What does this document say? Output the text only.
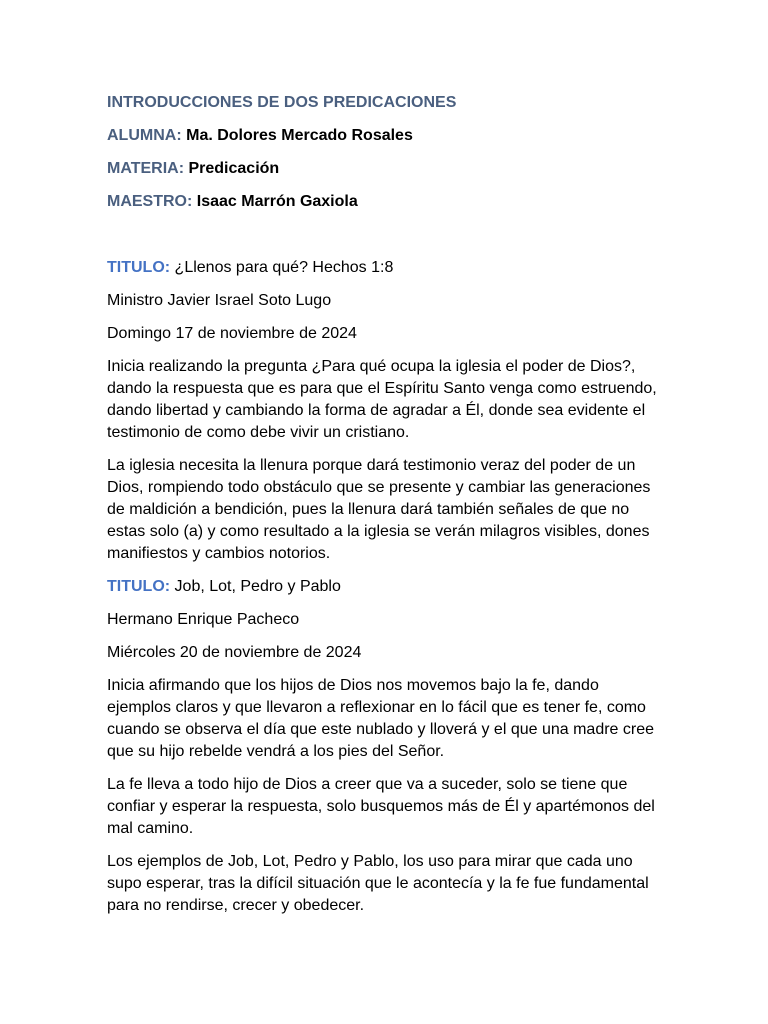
INTRODUCCIONES DE DOS PREDICACIONES
ALUMNA: Ma. Dolores Mercado Rosales
MATERIA: Predicación
MAESTRO: Isaac Marrón Gaxiola
TITULO: ¿Llenos para qué? Hechos 1:8
Ministro Javier Israel Soto Lugo
Domingo 17 de noviembre de 2024

Inicia realizando la pregunta ¿Para qué ocupa la iglesia el poder de Dios?, dando la respuesta que es para que el Espíritu Santo venga como estruendo, dando libertad y cambiando la forma de agradar a Él, donde sea evidente el testimonio de como debe vivir un cristiano.

La iglesia necesita la llenura porque dará testimonio veraz del poder de un Dios, rompiendo todo obstáculo que se presente y cambiar las generaciones de maldición a bendición, pues la llenura dará también señales de que no estas solo (a) y como resultado a la iglesia se verán milagros visibles, dones manifiestos y cambios notorios.

TITULO: Job, Lot, Pedro y Pablo
Hermano Enrique Pacheco
Miércoles 20 de noviembre de 2024

Inicia afirmando que los hijos de Dios nos movemos bajo la fe, dando ejemplos claros y que llevaron a reflexionar en lo fácil que es tener fe, como cuando se observa el día que este nublado y lloverá y el que una madre cree que su hijo rebelde vendrá a los pies del Señor.

La fe lleva a todo hijo de Dios a creer que va a suceder, solo se tiene que confiar y esperar la respuesta, solo busquemos más de Él y apartémonos del mal camino.

Los ejemplos de Job, Lot, Pedro y Pablo, los uso para mirar que cada uno supo esperar, tras la difícil situación que le acontecía y la fe fue fundamental para no rendirse, crecer y obedecer.
